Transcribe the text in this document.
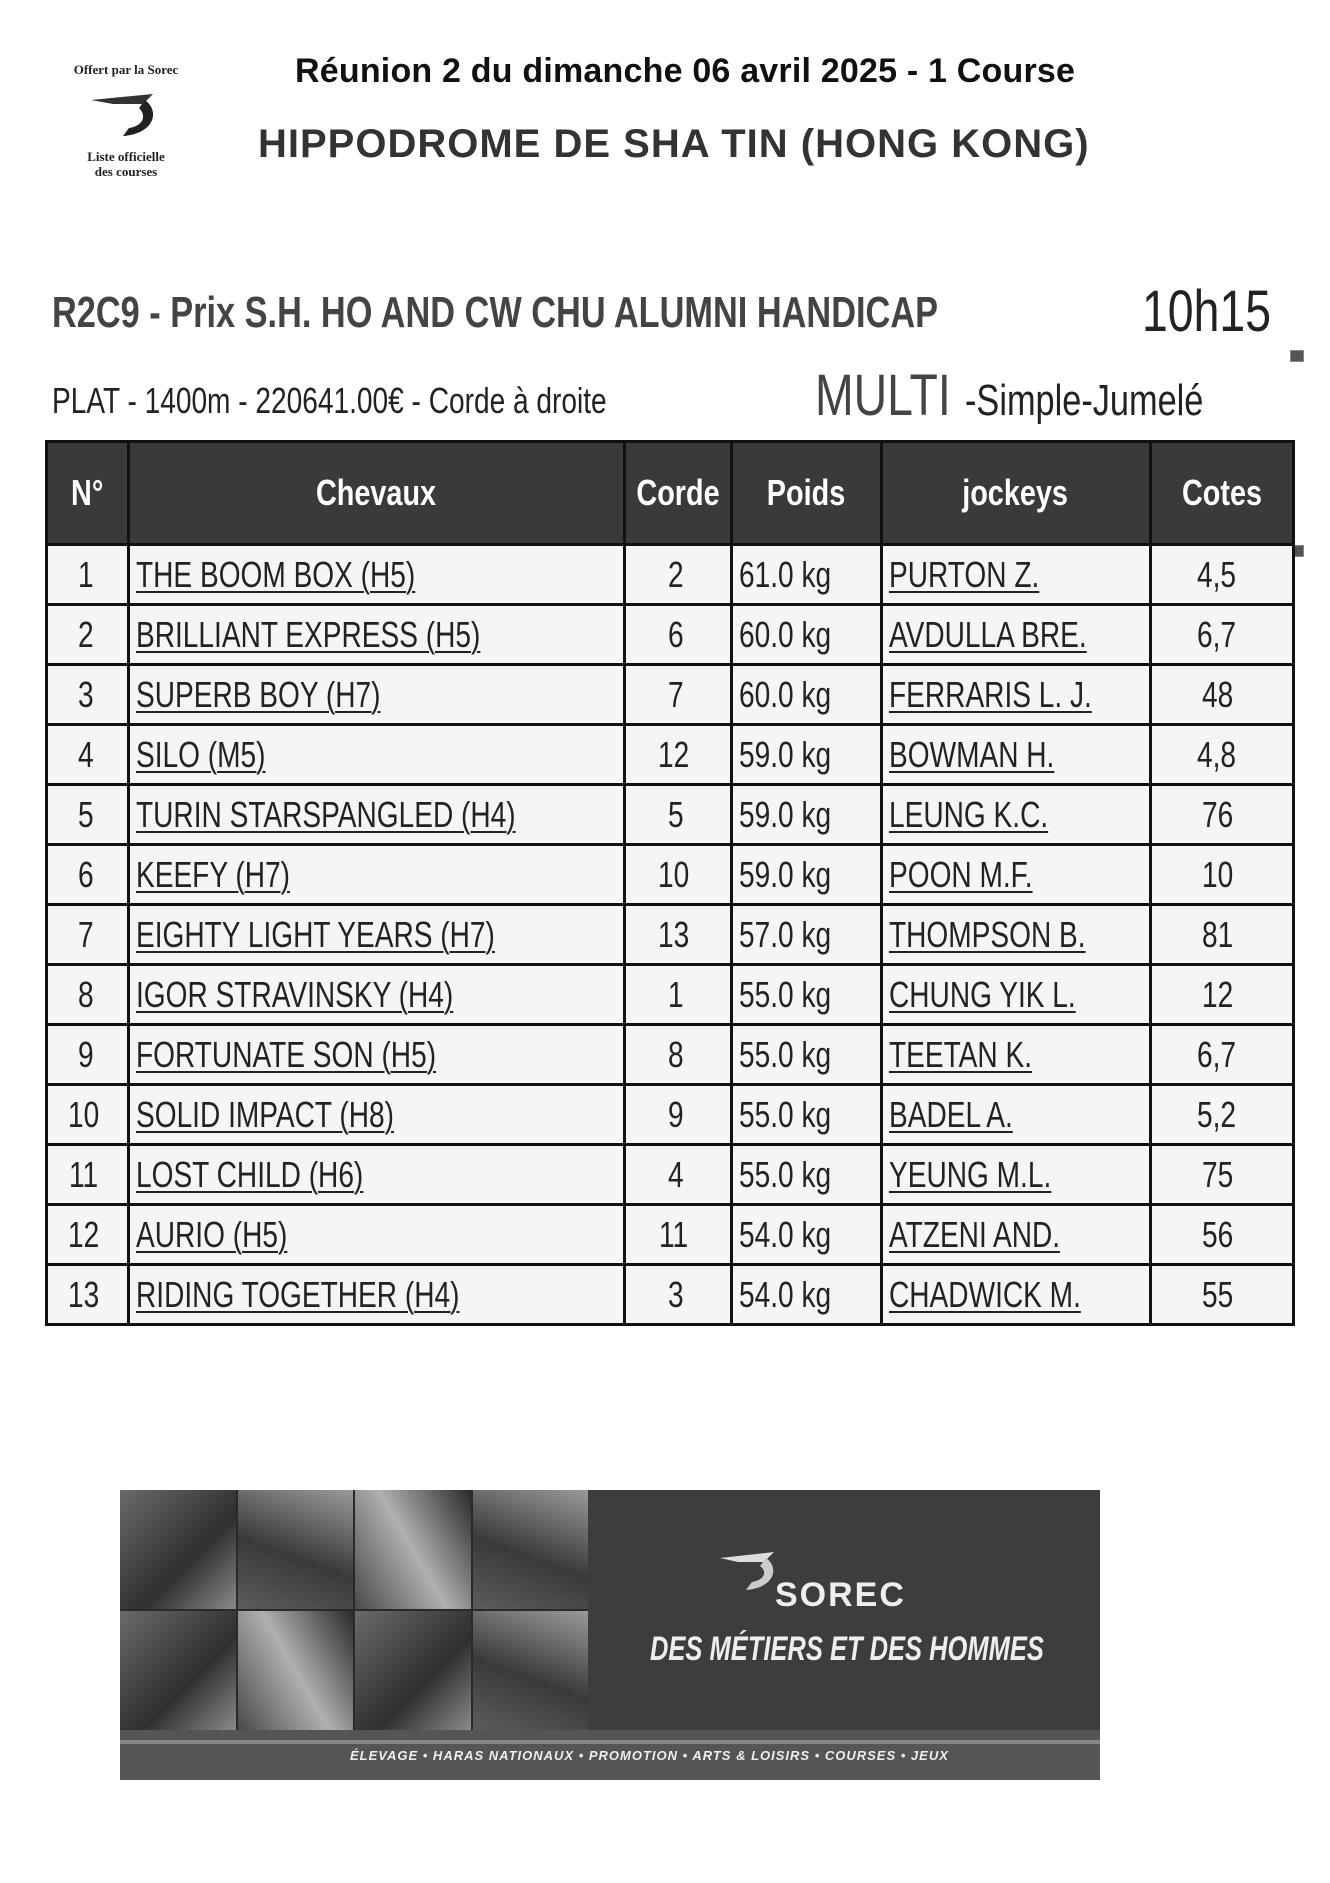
Offert par la Sorec
Liste officielle
des courses
Réunion 2 du dimanche 06 avril 2025 - 1 Course
HIPPODROME DE SHA TIN (HONG KONG)
R2C9 - Prix S.H. HO AND CW CHU ALUMNI HANDICAP	10h15
PLAT - 1400m - 220641.00€ - Corde à droite	MULTI -Simple-Jumelé
N°	Chevaux	Corde	Poids	jockeys	Cotes
1	THE BOOM BOX (H5)	2	61.0 kg	PURTON Z.	4,5
2	BRILLIANT EXPRESS (H5)	6	60.0 kg	AVDULLA BRE.	6,7
3	SUPERB BOY (H7)	7	60.0 kg	FERRARIS L. J.	48
4	SILO (M5)	12	59.0 kg	BOWMAN H.	4,8
5	TURIN STARSPANGLED (H4)	5	59.0 kg	LEUNG K.C.	76
6	KEEFY (H7)	10	59.0 kg	POON M.F.	10
7	EIGHTY LIGHT YEARS (H7)	13	57.0 kg	THOMPSON B.	81
8	IGOR STRAVINSKY (H4)	1	55.0 kg	CHUNG YIK L.	12
9	FORTUNATE SON (H5)	8	55.0 kg	TEETAN K.	6,7
10	SOLID IMPACT (H8)	9	55.0 kg	BADEL A.	5,2
11	LOST CHILD (H6)	4	55.0 kg	YEUNG M.L.	75
12	AURIO (H5)	11	54.0 kg	ATZENI AND.	56
13	RIDING TOGETHER (H4)	3	54.0 kg	CHADWICK M.	55
SOREC
DES MÉTIERS ET DES HOMMES
ÉLEVAGE • HARAS NATIONAUX • PROMOTION • ARTS & LOISIRS • COURSES • JEUX
